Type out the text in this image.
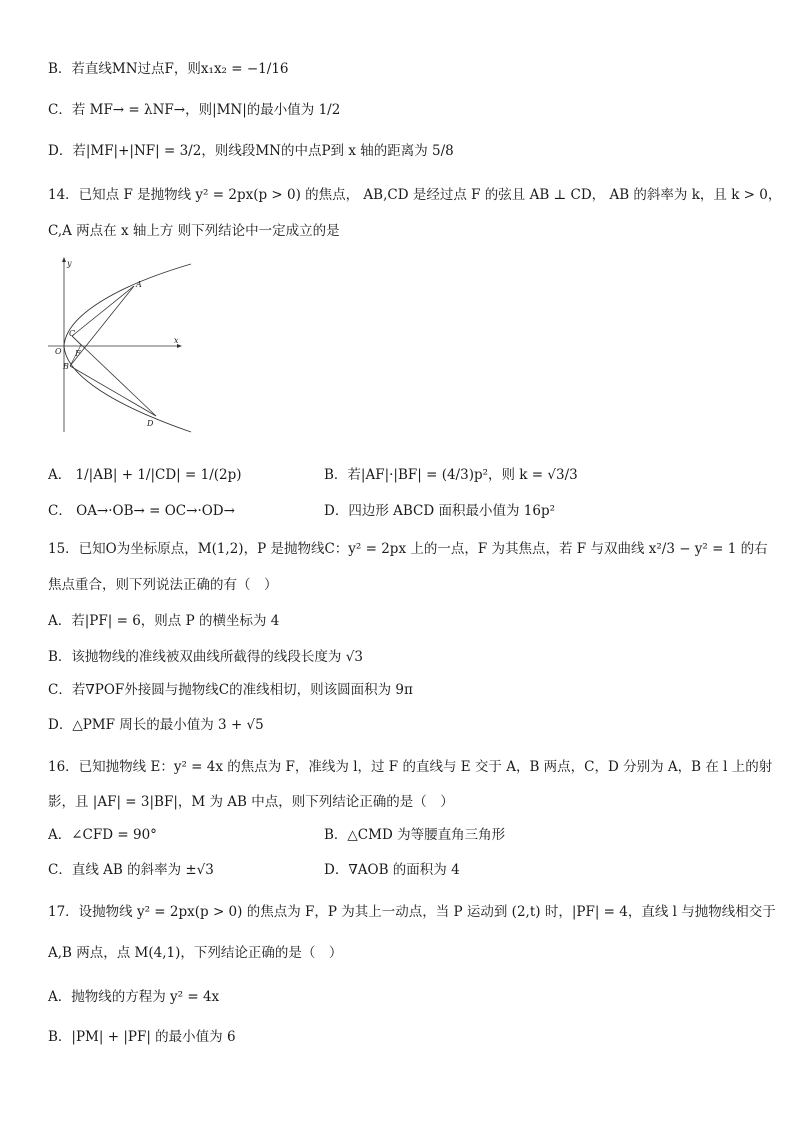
B．若直线MN过点F，则x₁x₂ = −1/16
C．若 MF→ = λNF→，则|MN|的最小值为 1/2
D．若|MF|+|NF| = 3/2，则线段MN的中点P到 x 轴的距离为 5/8
14．已知点 F 是抛物线 y² = 2px(p > 0) 的焦点， AB,CD 是经过点 F 的弦且 AB ⊥ CD， AB 的斜率为 k，且 k > 0，
C,A 两点在 x 轴上方 则下列结论中一定成立的是
y
x
A
C
O F
B
D
A． 1/|AB| + 1/|CD| = 1/(2p)	B．若|AF|·|BF| = (4/3)p²，则 k = √3/3
C． OA→·OB→ = OC→·OD→	D．四边形 ABCD 面积最小值为 16p²
15．已知O为坐标原点，M(1,2)，P 是抛物线C：y² = 2px 上的一点，F 为其焦点，若 F 与双曲线 x²/3 − y² = 1 的右
焦点重合，则下列说法正确的有（　）
A．若|PF| = 6，则点 P 的横坐标为 4
B．该抛物线的准线被双曲线所截得的线段长度为 √3
C．若∇POF外接圆与抛物线C的准线相切，则该圆面积为 9π
D．△PMF 周长的最小值为 3 + √5
16．已知抛物线 E：y² = 4x 的焦点为 F，准线为 l，过 F 的直线与 E 交于 A，B 两点，C，D 分别为 A，B 在 l 上的射
影，且 |AF| = 3|BF|，M 为 AB 中点，则下列结论正确的是（　）
A．∠CFD = 90°	B．△CMD 为等腰直角三角形
C．直线 AB 的斜率为 ±√3	D．∇AOB 的面积为 4
17．设抛物线 y² = 2px(p > 0) 的焦点为 F，P 为其上一动点，当 P 运动到 (2,t) 时，|PF| = 4，直线 l 与抛物线相交于
A,B 两点，点 M(4,1)，下列结论正确的是（　）
A．抛物线的方程为 y² = 4x
B．|PM| + |PF| 的最小值为 6
